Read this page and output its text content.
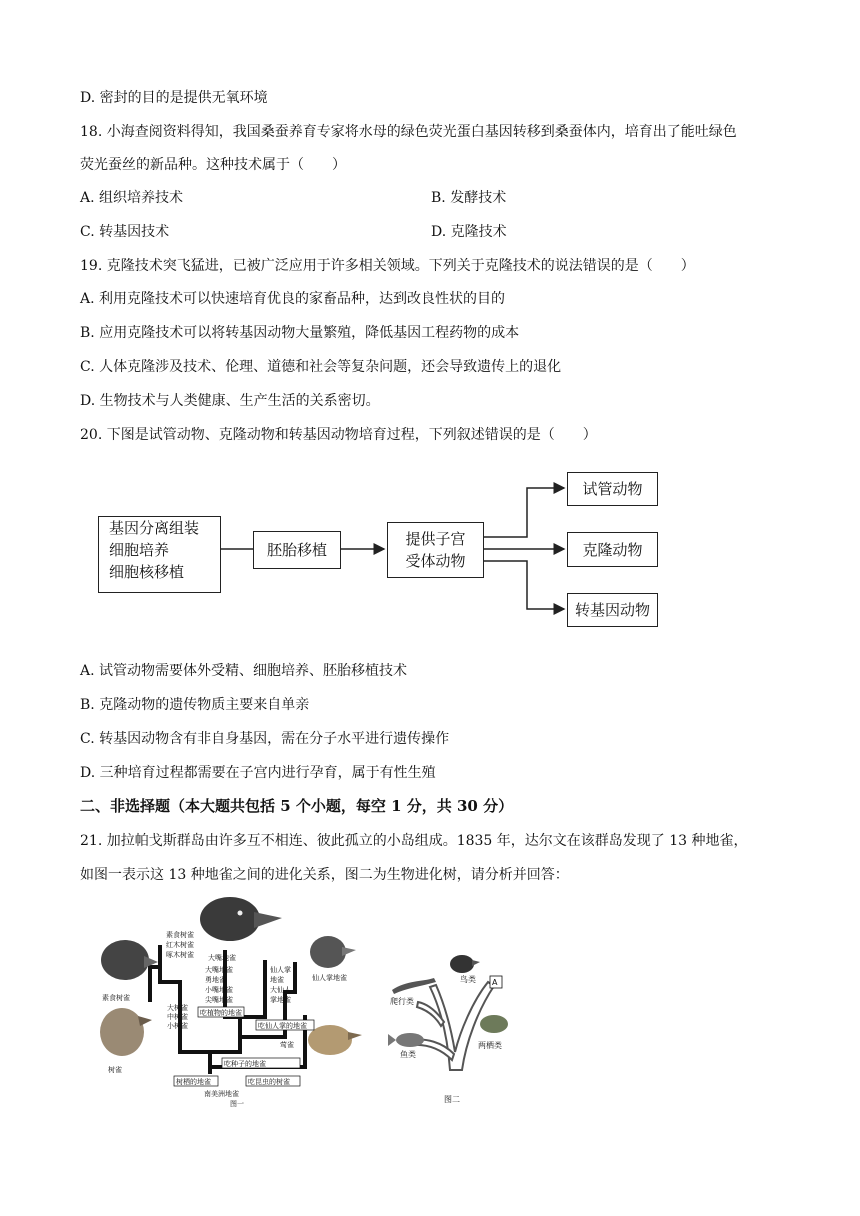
D. 密封的目的是提供无氧环境
18. 小海查阅资料得知，我国桑蚕养育专家将水母的绿色荧光蛋白基因转移到桑蚕体内，培育出了能吐绿色
荧光蚕丝的新品种。这种技术属于（　　）
A. 组织培养技术	B. 发酵技术
C. 转基因技术	D. 克隆技术
19. 克隆技术突飞猛进，已被广泛应用于许多相关领域。下列关于克隆技术的说法错误的是（　　）
A. 利用克隆技术可以快速培育优良的家畜品种，达到改良性状的目的
B. 应用克隆技术可以将转基因动物大量繁殖，降低基因工程药物的成本
C. 人体克隆涉及技术、伦理、道德和社会等复杂问题，还会导致遗传上的退化
D. 生物技术与人类健康、生产生活的关系密切。
20. 下图是试管动物、克隆动物和转基因动物培育过程，下列叙述错误的是（　　）
基因分离组装
细胞培养
细胞核移植
胚胎移植
提供子宫
受体动物
试管动物
克隆动物
转基因动物
A. 试管动物需要体外受精、细胞培养、胚胎移植技术
B. 克隆动物的遗传物质主要来自单亲
C. 转基因动物含有非自身基因，需在分子水平进行遗传操作
D. 三种培育过程都需要在子宫内进行孕育，属于有性生殖
二、非选择题（本大题共包括 5 个小题，每空 1 分，共 30 分）
21. 加拉帕戈斯群岛由许多互不相连、彼此孤立的小岛组成。1835 年，达尔文在该群岛发现了 13 种地雀，
如图一表示这 13 种地雀之间的进化关系，图二为生物进化树，请分析并回答：
大嘴地雀
素食树雀
红木树雀
啄木树雀
大嘴地雀
勇地雀
小嘴地雀
尖嘴地雀
仙人掌
地雀
大仙人
掌地雀
仙人掌地雀
大树雀
中树雀
小树雀
莺雀
素食树雀
树雀
吃植物的地雀
吃仙人掌的地雀
吃种子的地雀
树栖的地雀	吃昆虫的树雀
南美洲地雀
图一
A
鸟类
爬行类
鱼类
两栖类
图二
